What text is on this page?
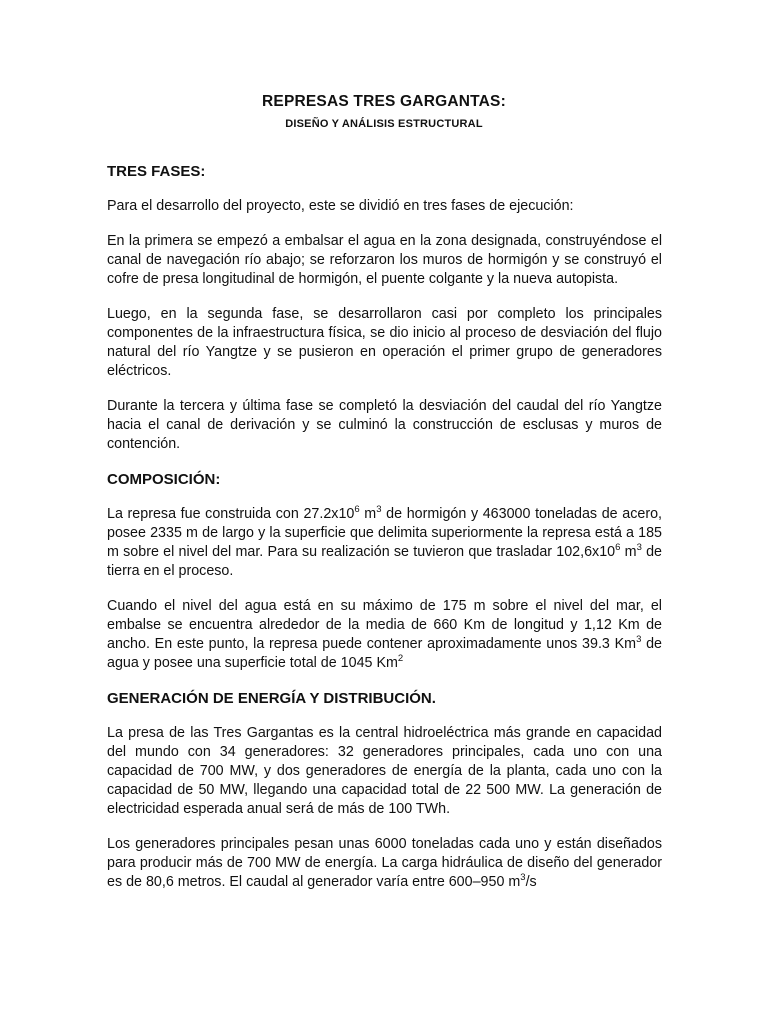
REPRESAS TRES GARGANTAS:
DISEÑO Y ANÁLISIS ESTRUCTURAL
TRES FASES:

Para el desarrollo del proyecto, este se dividió en tres fases de ejecución:

En la primera se empezó a embalsar el agua en la zona designada, construyéndose el canal de navegación río abajo; se reforzaron los muros de hormigón y se construyó el cofre de presa longitudinal de hormigón, el puente colgante y la nueva autopista.

Luego, en la segunda fase, se desarrollaron casi por completo los principales componentes de la infraestructura física, se dio inicio al proceso de desviación del flujo natural del río Yangtze y se pusieron en operación el primer grupo de generadores eléctricos.

Durante la tercera y última fase se completó la desviación del caudal del río Yangtze hacia el canal de derivación y se culminó la construcción de esclusas y muros de contención.

COMPOSICIÓN:

La represa fue construida con $27.2x10^6$ $m^3$ de hormigón y 463000 toneladas de acero, posee 2335 m de largo y la superficie que delimita superiormente la represa está a 185 m sobre el nivel del mar. Para su realización se tuvieron que trasladar $102,6x10^6$ $m^3$ de tierra en el proceso.

Cuando el nivel del agua está en su máximo de 175 m sobre el nivel del mar, el embalse se encuentra alrededor de la media de 660 Km de longitud y 1,12 Km de ancho. En este punto, la represa puede contener aproximadamente unos 39.3 Km$^3$ de agua y posee una superficie total de 1045 Km$^2$

GENERACIÓN DE ENERGÍA Y DISTRIBUCIÓN.

La presa de las Tres Gargantas es la central hidroeléctrica más grande en capacidad del mundo con 34 generadores: 32 generadores principales, cada uno con una capacidad de 700 MW, y dos generadores de energía de la planta, cada uno con la capacidad de 50 MW, llegando una capacidad total de 22 500 MW. La generación de electricidad esperada anual será de más de 100 TWh.

Los generadores principales pesan unas 6000 toneladas cada uno y están diseñados para producir más de 700 MW de energía. La carga hidráulica de diseño del generador es de 80,6 metros. El caudal al generador varía entre 600–950 $m^3/s$
